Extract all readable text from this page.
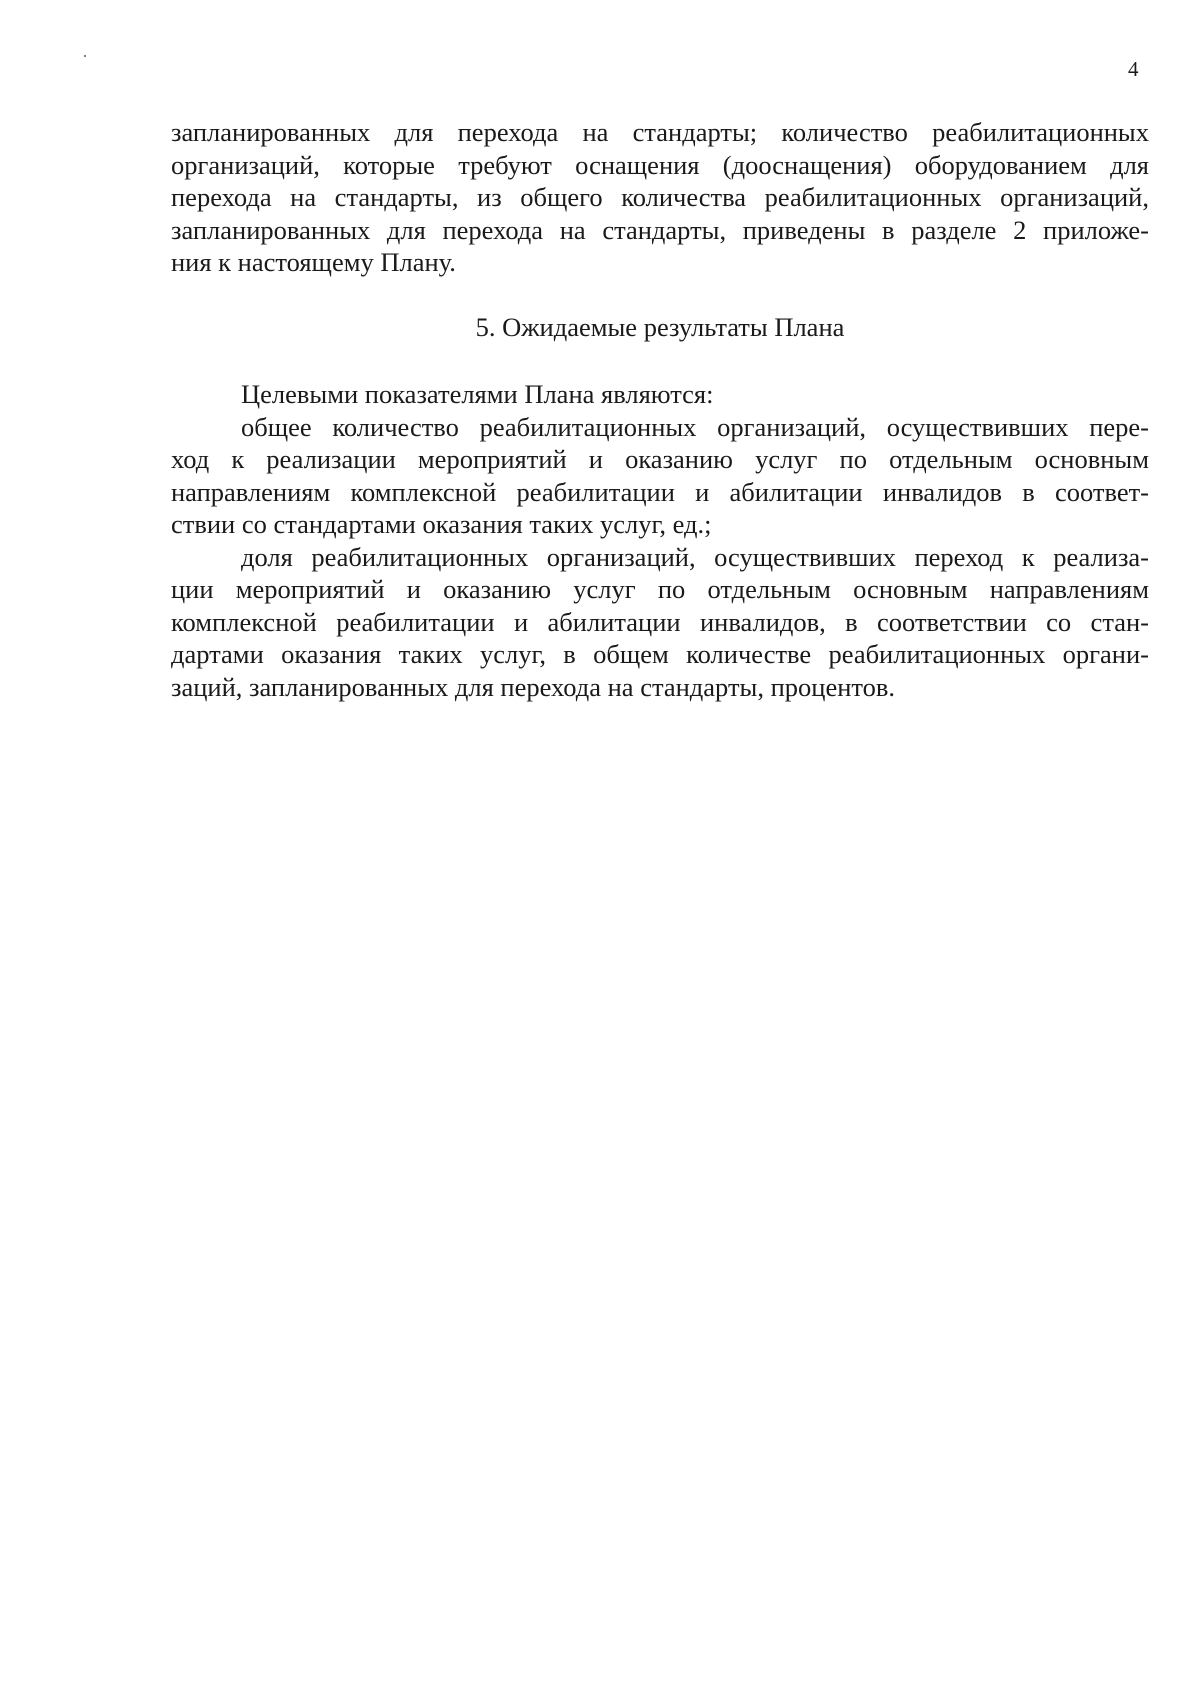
4

запланированных для перехода на стандарты; количество реабилитационных
организаций, которые требуют оснащения (дооснащения) оборудованием для
перехода на стандарты, из общего количества реабилитационных организаций,
запланированных для перехода на стандарты, приведены в разделе 2 приложе-
ния к настоящему Плану.

5. Ожидаемые результаты Плана

Целевыми показателями Плана являются:

общее количество реабилитационных организаций, осуществивших пере-
ход к реализации мероприятий и оказанию услуг по отдельным основным
направлениям комплексной реабилитации и абилитации инвалидов в соответ-
ствии со стандартами оказания таких услуг, ед.;

доля реабилитационных организаций, осуществивших переход к реализа-
ции мероприятий и оказанию услуг по отдельным основным направлениям
комплексной реабилитации и абилитации инвалидов, в соответствии со стан-
дартами оказания таких услуг, в общем количестве реабилитационных органи-
заций, запланированных для перехода на стандарты, процентов.
